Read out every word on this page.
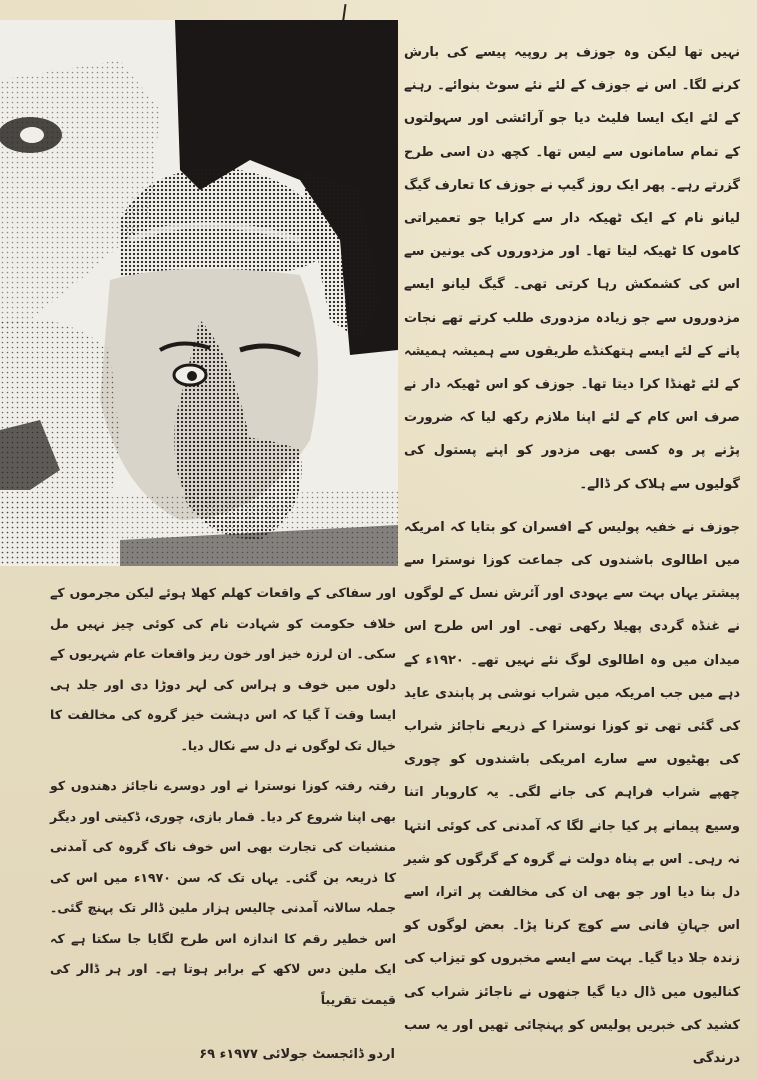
نہیں تھا لیکن وہ جوزف پر روپیہ پیسے کی بارش کرنے لگا۔ اس نے جوزف کے لئے نئے سوٹ بنوائے۔ رہنے کے لئے ایک ایسا فلیٹ دیا جو آرائشی اور سہولتوں کے تمام سامانوں سے لیس تھا۔ کچھ دن اسی طرح گزرتے رہے۔ پھر ایک روز گیپ نے جوزف کا تعارف گیگ لیانو نام کے ایک ٹھیکہ دار سے کرایا جو تعمیراتی کاموں کا ٹھیکہ لیتا تھا۔ اور مزدوروں کی یونین سے اس کی کشمکش رہا کرتی تھی۔ گیگ لیانو ایسے مزدوروں سے جو زیادہ مزدوری طلب کرتے تھے نجات پانے کے لئے ایسے ہتھکنڈے طریقوں سے ہمیشہ ہمیشہ کے لئے ٹھنڈا کرا دیتا تھا۔ جوزف کو اس ٹھیکہ دار نے صرف اس کام کے لئے اپنا ملازم رکھ لیا کہ ضرورت پڑنے پر وہ کسی بھی مزدور کو اپنے پستول کی گولیوں سے ہلاک کر ڈالے۔

جوزف نے خفیہ پولیس کے افسران کو بتایا کہ امریکہ میں اطالوی باشندوں کی جماعت کوزا نوسترا سے پیشتر یہاں بہت سے یہودی اور آئرش نسل کے لوگوں نے غنڈہ گردی پھیلا رکھی تھی۔ اور اس طرح اس میدان میں وہ اطالوی لوگ نئے نہیں تھے۔ ۱۹۲۰ء کے دہے میں جب امریکہ میں شراب نوشی پر پابندی عاید کی گئی تھی تو کوزا نوسترا کے ذریعے ناجائز شراب کی بھٹیوں سے سارے امریکی باشندوں کو چوری چھپے شراب فراہم کی جانے لگی۔ یہ کاروبار اتنا وسیع پیمانے پر کیا جانے لگا کہ آمدنی کی کوئی انتہا نہ رہی۔ اس بے پناہ دولت نے گروہ کے گرگوں کو شیر دل بنا دیا اور جو بھی ان کی مخالفت پر اترا، اسے اس جہانِ فانی سے کوچ کرنا پڑا۔ بعض لوگوں کو زندہ جلا دیا گیا۔ بہت سے ایسے مخبروں کو تیزاب کی کنالیوں میں ڈال دیا گیا جنھوں نے ناجائز شراب کی کشید کی خبریں پولیس کو پہنچائی تھیں اور یہ سب درندگی

اور سفاکی کے واقعات کھلم کھلا ہوئے لیکن مجرموں کے خلاف حکومت کو شہادت نام کی کوئی چیز نہیں مل سکی۔ ان لرزہ خیز اور خون ریز واقعات عام شہریوں کے دلوں میں خوف و ہراس کی لہر دوڑا دی اور جلد ہی ایسا وقت آ گیا کہ اس دہشت خیز گروہ کی مخالفت کا خیال تک لوگوں نے دل سے نکال دیا۔

رفتہ رفتہ کوزا نوسترا نے اور دوسرے ناجائز دھندوں کو بھی اپنا شروع کر دیا۔ قمار بازی، چوری، ڈکیتی اور دیگر منشیات کی تجارت بھی اس خوف ناک گروہ کی آمدنی کا ذریعہ بن گئی۔ یہاں تک کہ سن ۱۹۷۰ء میں اس کی جملہ سالانہ آمدنی چالیس ہزار ملین ڈالر تک پہنچ گئی۔ اس خطیر رقم کا اندازہ اس طرح لگایا جا سکتا ہے کہ ایک ملین دس لاکھ کے برابر ہوتا ہے۔ اور ہر ڈالر کی قیمت تقریباً

اردو ڈائجسٹ جولائی ۱۹۷۷ء ۶۹
